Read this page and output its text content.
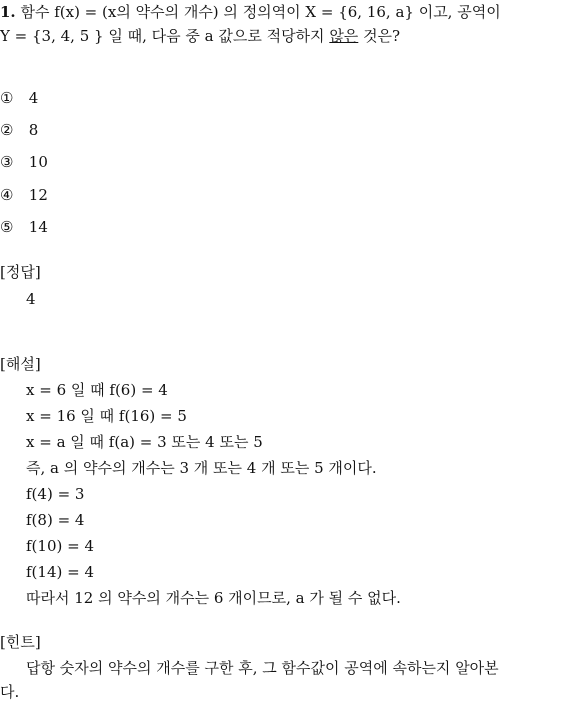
1. 함수 f(x) = (x의 약수의 개수) 의 정의역이 X = {6, 16, a} 이고, 공역이
Y = {3, 4, 5 } 일 때, 다음 중 a 값으로 적당하지 않은 것은?
① 4
② 8
③ 10
④ 12
⑤ 14
[정답]
4
[해설]
x = 6 일 때 f(6) = 4
x = 16 일 때 f(16) = 5
x = a 일 때 f(a) = 3 또는 4 또는 5
즉, a 의 약수의 개수는 3 개 또는 4 개 또는 5 개이다.
f(4) = 3
f(8) = 4
f(10) = 4
f(14) = 4
따라서 12 의 약수의 개수는 6 개이므로, a 가 될 수 없다.
[힌트]
답항 숫자의 약수의 개수를 구한 후, 그 함수값이 공역에 속하는지 알아본
다.
